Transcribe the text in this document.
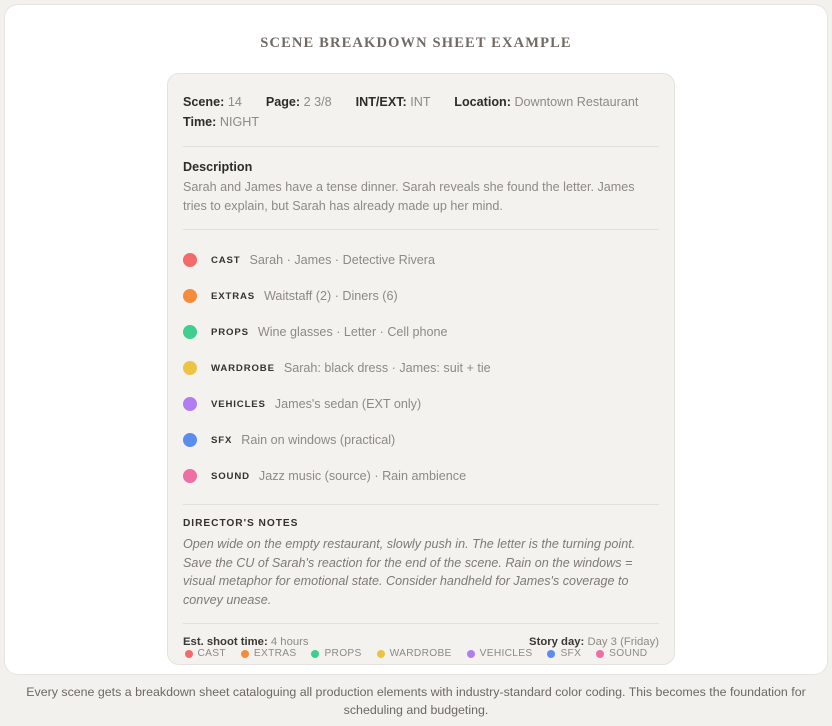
SCENE BREAKDOWN SHEET EXAMPLE
Scene: 14 Page: 2 3/8 INT/EXT: INT Location: Downtown Restaurant
Time: NIGHT
Description
Sarah and James have a tense dinner. Sarah reveals she found the letter. James tries to explain, but Sarah has already made up her mind.
CAST Sarah · James · Detective Rivera
EXTRAS Waitstaff (2) · Diners (6)
PROPS Wine glasses · Letter · Cell phone
WARDROBE Sarah: black dress · James: suit + tie
VEHICLES James's sedan (EXT only)
SFX Rain on windows (practical)
SOUND Jazz music (source) · Rain ambience
DIRECTOR'S NOTES
Open wide on the empty restaurant, slowly push in. The letter is the turning point. Save the CU of Sarah's reaction for the end of the scene. Rain on the windows = visual metaphor for emotional state. Consider handheld for James's coverage to convey unease.
Est. shoot time: 4 hours	Story day: Day 3 (Friday)
CAST	EXTRAS	PROPS	WARDROBE	VEHICLES	SFX	SOUND
Every scene gets a breakdown sheet cataloguing all production elements with industry-standard color coding. This becomes the foundation for scheduling and budgeting.
